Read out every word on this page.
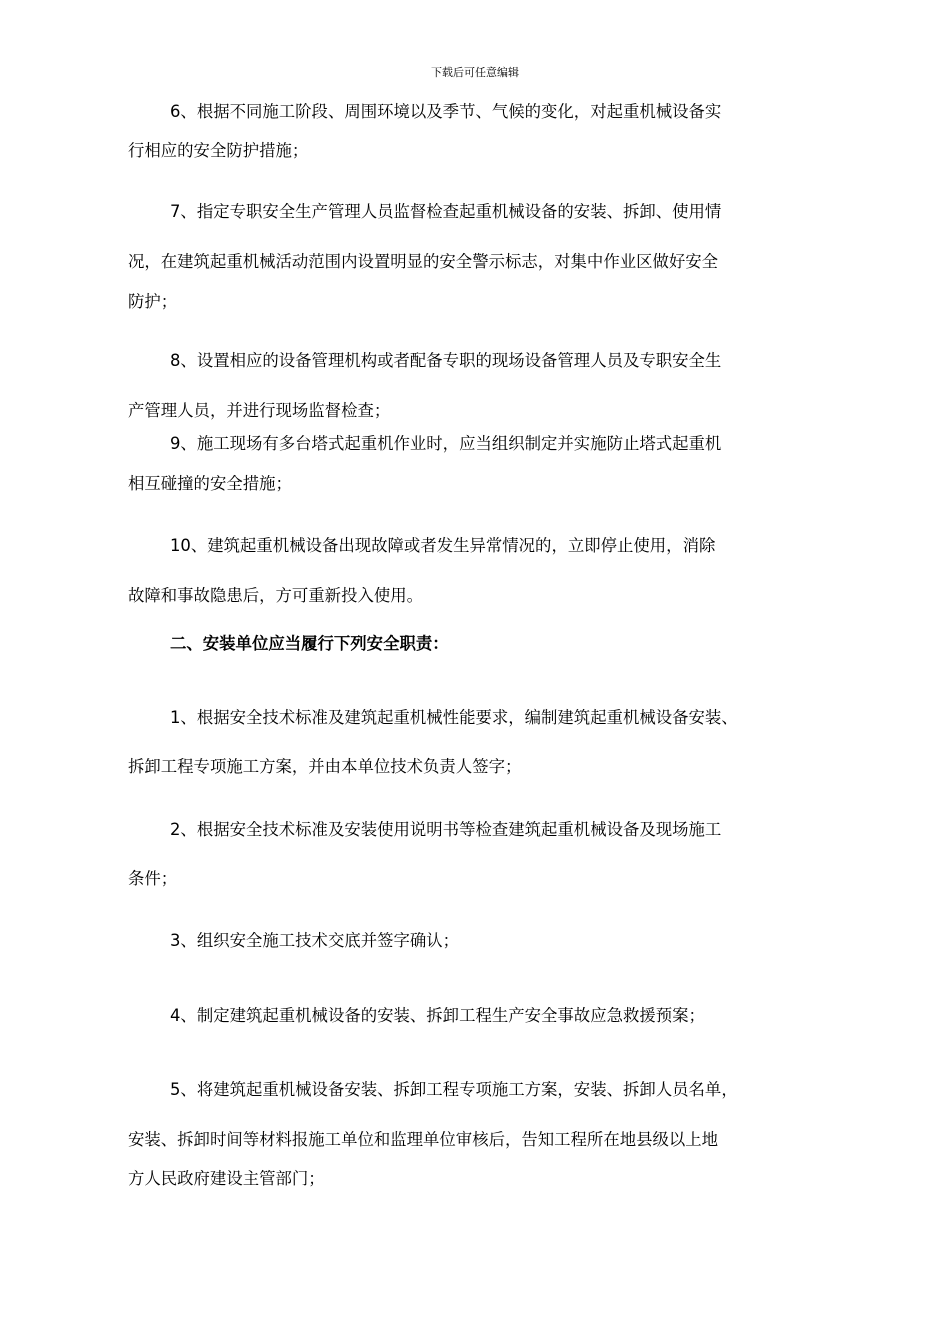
下载后可任意编辑
6、根据不同施工阶段、周围环境以及季节、气候的变化，对起重机械设备实
行相应的安全防护措施；
7、指定专职安全生产管理人员监督检查起重机械设备的安装、拆卸、使用情
况，在建筑起重机械活动范围内设置明显的安全警示标志，对集中作业区做好安全
防护；
8、设置相应的设备管理机构或者配备专职的现场设备管理人员及专职安全生
产管理人员，并进行现场监督检查；
9、施工现场有多台塔式起重机作业时，应当组织制定并实施防止塔式起重机
相互碰撞的安全措施；
10、建筑起重机械设备出现故障或者发生异常情况的，立即停止使用，消除
故障和事故隐患后，方可重新投入使用。
二、安装单位应当履行下列安全职责：
1、根据安全技术标准及建筑起重机械性能要求，编制建筑起重机械设备安装、
拆卸工程专项施工方案，并由本单位技术负责人签字；
2、根据安全技术标准及安装使用说明书等检查建筑起重机械设备及现场施工
条件；
3、组织安全施工技术交底并签字确认；
4、制定建筑起重机械设备的安装、拆卸工程生产安全事故应急救援预案；
5、将建筑起重机械设备安装、拆卸工程专项施工方案，安装、拆卸人员名单，
安装、拆卸时间等材料报施工单位和监理单位审核后，告知工程所在地县级以上地
方人民政府建设主管部门；
